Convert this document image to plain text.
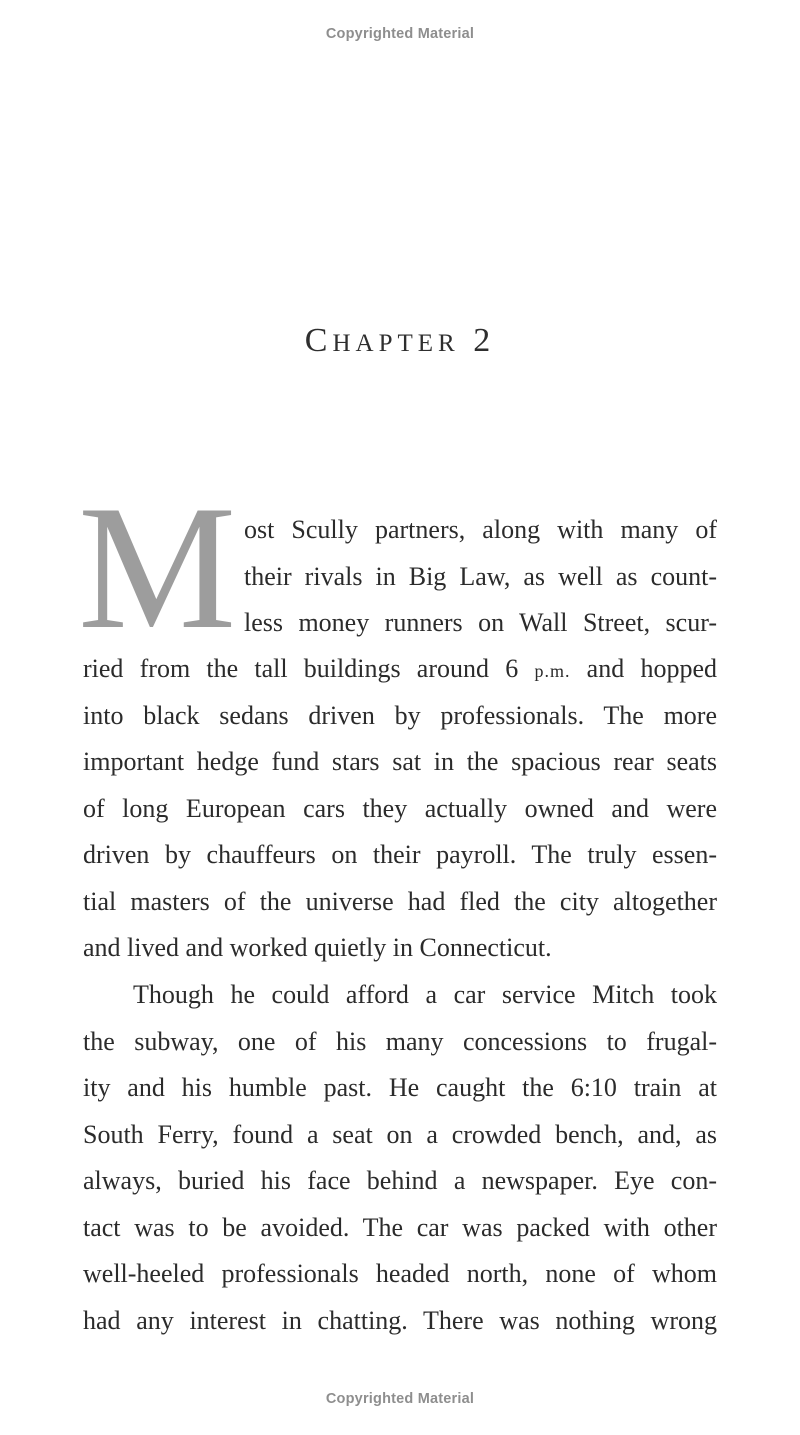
Copyrighted Material
CHAPTER 2
M ost Scully partners, along with many of
their rivals in Big Law, as well as count-
less money runners on Wall Street, scur-
ried from the tall buildings around 6 p.m. and hopped
into black sedans driven by professionals. The more
important hedge fund stars sat in the spacious rear seats
of long European cars they actually owned and were
driven by chauffeurs on their payroll. The truly essen-
tial masters of the universe had fled the city altogether
and lived and worked quietly in Connecticut.
Though he could afford a car service Mitch took
the subway, one of his many concessions to frugal-
ity and his humble past. He caught the 6:10 train at
South Ferry, found a seat on a crowded bench, and, as
always, buried his face behind a newspaper. Eye con-
tact was to be avoided. The car was packed with other
well-heeled professionals headed north, none of whom
had any interest in chatting. There was nothing wrong
Copyrighted Material
